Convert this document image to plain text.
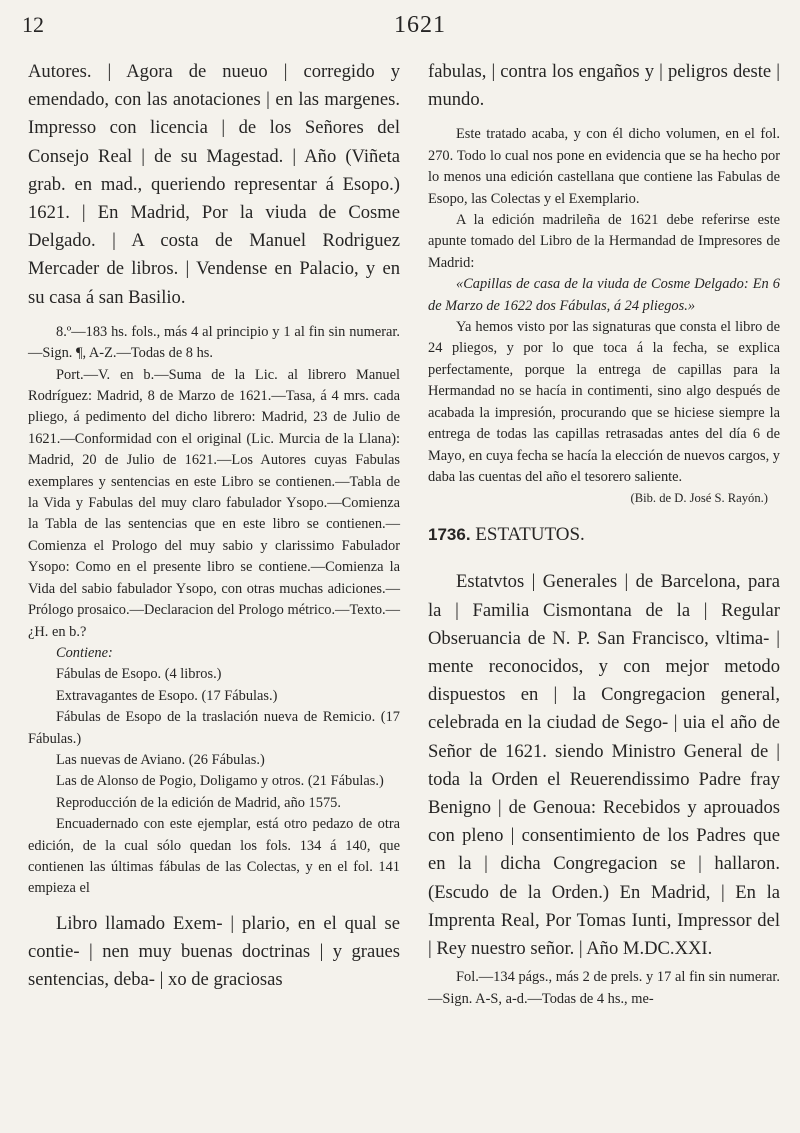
12	1621

Autores. | Agora de nueuo | corregido y emendado, con las anotaciones | en las margenes. Impresso con licencia | de los Señores del Consejo Real | de su Magestad. | Año (Viñeta grab. en mad., queriendo representar á Esopo.) 1621. | En Madrid, Por la viuda de Cosme Delgado. | A costa de Manuel Rodriguez Mercader de libros. | Vendense en Palacio, y en su casa á san Basilio.

8.º—183 hs. fols., más 4 al principio y 1 al fin sin numerar.—Sign. ¶, A-Z.—Todas de 8 hs.

Port.—V. en b.—Suma de la Lic. al librero Manuel Rodríguez: Madrid, 8 de Marzo de 1621.—Tasa, á 4 mrs. cada pliego, á pedimento del dicho librero: Madrid, 23 de Julio de 1621.—Conformidad con el original (Lic. Murcia de la Llana): Madrid, 20 de Julio de 1621.—Los Autores cuyas Fabulas exemplares y sentencias en este Libro se contienen.—Tabla de la Vida y Fabulas del muy claro fabulador Ysopo.—Comienza la Tabla de las sentencias que en este libro se contienen.—Comienza el Prologo del muy sabio y clarissimo Fabulador Ysopo: Como en el presente libro se contiene.—Comienza la Vida del sabio fabulador Ysopo, con otras muchas adiciones.—Prólogo prosaico.—Declaracion del Prologo métrico.—Texto.—¿H. en b.?

Contiene:

Fábulas de Esopo. (4 libros.)

Extravagantes de Esopo. (17 Fábulas.)

Fábulas de Esopo de la traslación nueva de Remicio. (17 Fábulas.)

Las nuevas de Aviano. (26 Fábulas.)

Las de Alonso de Pogio, Doligamo y otros. (21 Fábulas.)

Reproducción de la edición de Madrid, año 1575.

Encuadernado con este ejemplar, está otro pedazo de otra edición, de la cual sólo quedan los fols. 134 á 140, que contienen las últimas fábulas de las Colectas, y en el fol. 141 empieza el

Libro llamado Exem- | plario, en el qual se contie- | nen muy buenas doctrinas | y graues sentencias, deba- | xo de graciosas

fabulas, | contra los engaños y | peligros deste | mundo.

Este tratado acaba, y con él dicho volumen, en el fol. 270. Todo lo cual nos pone en evidencia que se ha hecho por lo menos una edición castellana que contiene las Fabulas de Esopo, las Colectas y el Exemplario.

A la edición madrileña de 1621 debe referirse este apunte tomado del Libro de la Hermandad de Impresores de Madrid:

«Capillas de casa de la viuda de Cosme Delgado: En 6 de Marzo de 1622 dos Fábulas, á 24 pliegos.»

Ya hemos visto por las signaturas que consta el libro de 24 pliegos, y por lo que toca á la fecha, se explica perfectamente, porque la entrega de capillas para la Hermandad no se hacía in contimenti, sino algo después de acabada la impresión, procurando que se hiciese siempre la entrega de todas las capillas retrasadas antes del día 6 de Mayo, en cuya fecha se hacía la elección de nuevos cargos, y daba las cuentas del año el tesorero saliente.

(Bib. de D. José S. Rayón.)

1736. ESTATUTOS.

Estatvtos | Generales | de Barcelona, para la | Familia Cismontana de la | Regular Obseruancia de N. P. San Francisco, vltima- | mente reconocidos, y con mejor metodo dispuestos en | la Congregacion general, celebrada en la ciudad de Sego- | uia el año de Señor de 1621. siendo Ministro General de | toda la Orden el Reuerendissimo Padre fray Benigno | de Genoua: Recebidos y aprouados con pleno | consentimiento de los Padres que en la | dicha Congregacion se | hallaron. (Escudo de la Orden.) En Madrid, | En la Imprenta Real, Por Tomas Iunti, Impressor del | Rey nuestro señor. | Año M.DC.XXI.

Fol.—134 págs., más 2 de prels. y 17 al fin sin numerar.—Sign. A-S, a-d.—Todas de 4 hs., me-
